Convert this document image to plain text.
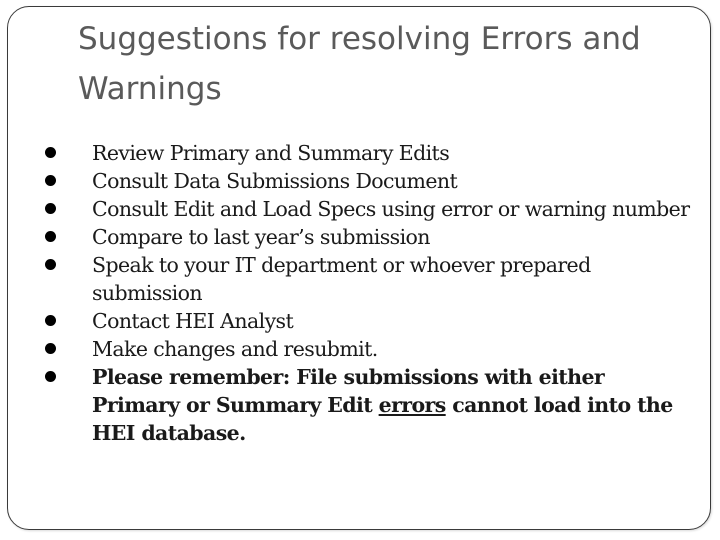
Suggestions for resolving Errors and Warnings
Review Primary and Summary Edits
Consult Data Submissions Document
Consult Edit and Load Specs using error or warning number
Compare to last year’s submission
Speak to your IT department or whoever prepared submission
Contact HEI Analyst
Make changes and resubmit.
Please remember: File submissions with either Primary or Summary Edit errors cannot load into the HEI database.
